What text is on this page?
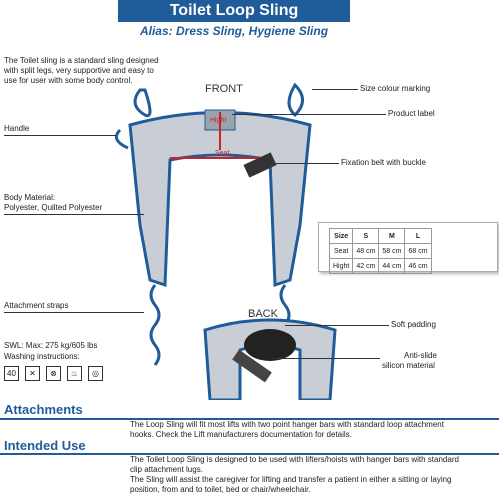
Toilet Loop Sling
Alias: Dress Sling, Hygiene Sling
The Toilet sling is a standard sling designed with split legs, very supportive and easy to use for user with some body control.
FRONT
Hight
Seat
BACK
Size colour marking
Product label
Fixation belt with buckle
Soft padding
Anti-slide
silicon material
Handle
Body Material:
Polyester, Quilted Polyester
Attachment straps
Size	S	M	L
Seat	48 cm	58 cm	68 cm
Hight	42 cm	44 cm	46 cm
SWL: Max: 275 kg/605 lbs
Washing instructions:
40	✕	⊗	♨	◎
Attachments
The Loop Sling will fit most lifts with two point hanger bars with standard loop attachment hooks. Check the Lift manufacturers documentation for details.
Intended Use
The Toilet Loop Sling is designed to be used with lifters/hoists with hanger bars with standard clip attachment lugs.
The Sling will assist the caregiver for lifting and transfer a patient in either a sitting or laying position, from and to toilet, bed or chair/wheelchair.
